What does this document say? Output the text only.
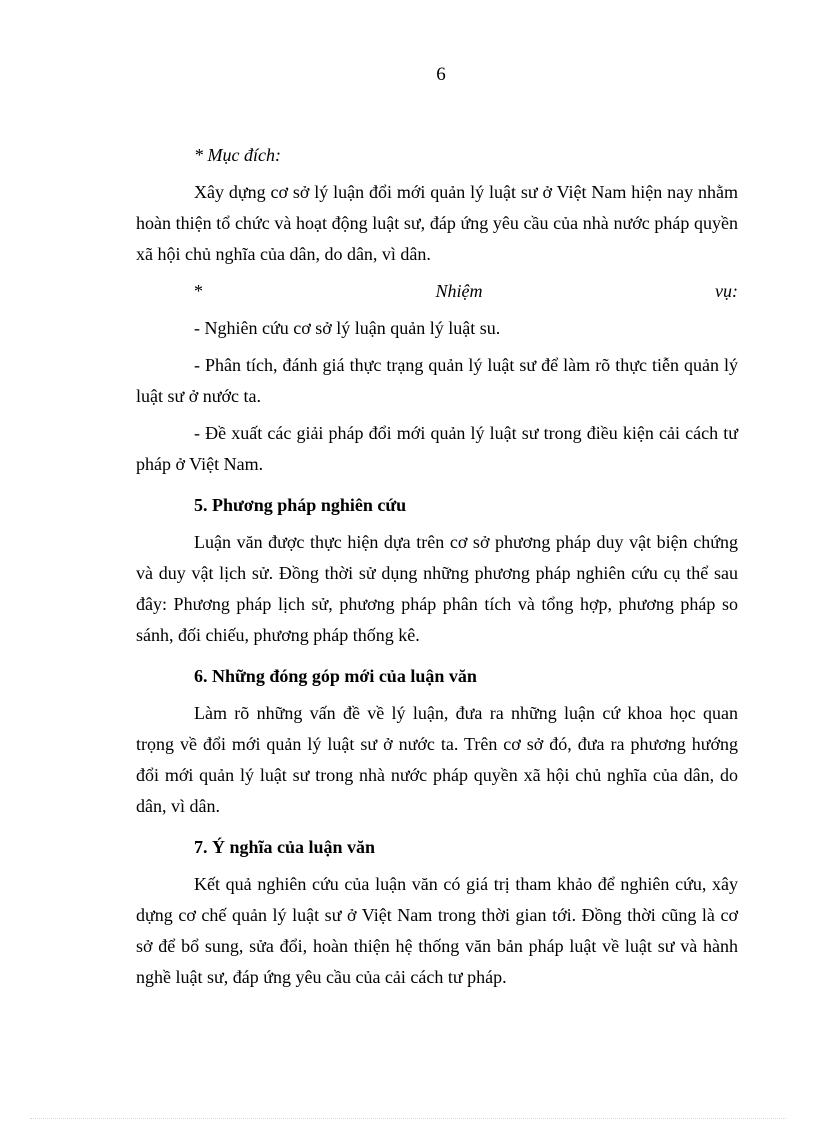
6
* Mục đích:

Xây dựng cơ sở lý luận đổi mới quản lý luật sư ở Việt Nam hiện nay nhằm hoàn thiện tổ chức và hoạt động luật sư, đáp ứng yêu cầu của nhà nước pháp quyền xã hội chủ nghĩa của dân, do dân, vì dân.

*	Nhiệm	vụ:

- Nghiên cứu cơ sở lý luận quản lý luật su.

- Phân tích, đánh giá thực trạng quản lý luật sư để làm rõ thực tiễn quản lý luật sư ở nước ta.

- Đề xuất các giải pháp đổi mới quản lý luật sư trong điều kiện cải cách tư pháp ở Việt Nam.

5. Phương pháp nghiên cứu

Luận văn được thực hiện dựa trên cơ sở phương pháp duy vật biện chứng và duy vật lịch sử. Đồng thời sử dụng những phương pháp nghiên cứu cụ thể sau đây: Phương pháp lịch sử, phương pháp phân tích và tổng hợp, phương pháp so sánh, đối chiếu, phương pháp thống kê.

6. Những đóng góp mới của luận văn

Làm rõ những vấn đề về lý luận, đưa ra những luận cứ khoa học quan trọng về đổi mới quản lý luật sư ở nước ta. Trên cơ sở đó, đưa ra phương hướng đổi mới quản lý luật sư trong nhà nước pháp quyền xã hội chủ nghĩa của dân, do dân, vì dân.

7. Ý nghĩa của luận văn

Kết quả nghiên cứu của luận văn có giá trị tham khảo để nghiên cứu, xây dựng cơ chế quản lý luật sư ở Việt Nam trong thời gian tới. Đồng thời cũng là cơ sở để bổ sung, sửa đổi, hoàn thiện hệ thống văn bản pháp luật về luật sư và hành nghề luật sư, đáp ứng yêu cầu của cải cách tư pháp.
